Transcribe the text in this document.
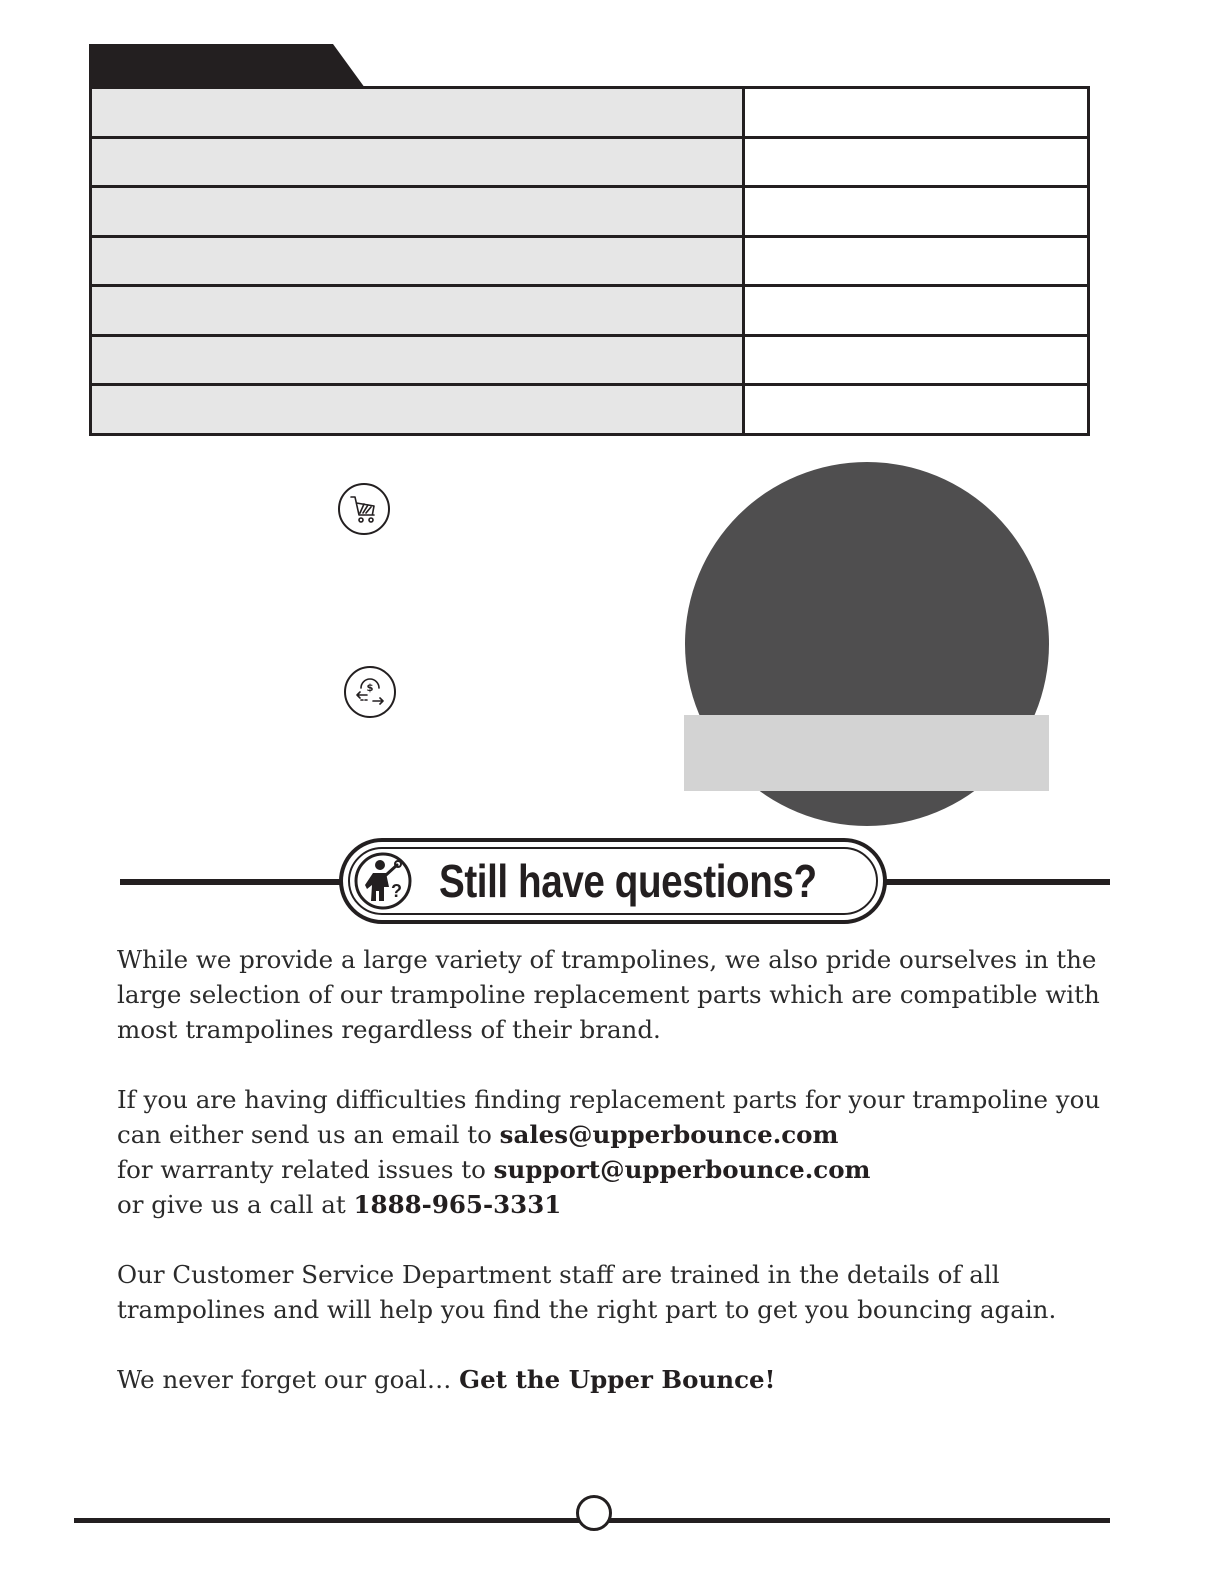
$
? Still have questions?

While we provide a large variety of trampolines, we also pride ourselves in the large selection of our trampoline replacement parts which are compatible with most trampolines regardless of their brand.

If you are having difficulties finding replacement parts for your trampoline you can either send us an email to sales@upperbounce.com
for warranty related issues to support@upperbounce.com
or give us a call at 1888-965-3331

Our Customer Service Department staff are trained in the details of all trampolines and will help you find the right part to get you bouncing again.

We never forget our goal… Get the Upper Bounce!
